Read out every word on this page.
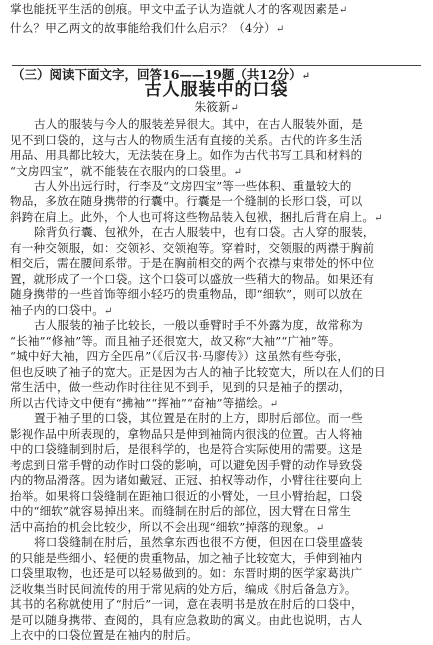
掌也能抚平生活的创痕。甲文中孟子认为造就人才的客观因素是↵
什么？甲乙两文的故事能给我们什么启示？（4分）↵
（三）阅读下面文字，回答16——19题（共12分）↵
古人服装中的口袋
朱筱新↵
古人的服装与今人的服装差异很大。其中，在古人服装外面，是
见不到口袋的，这与古人的物质生活有直接的关系。古代的许多生活
用品、用具都比较大，无法装在身上。如作为古代书写工具和材料的
“文房四宝”，就不能装在衣服内的口袋里。↵
古人外出远行时，行李及“文房四宝”等一些体积、重量较大的
物品，多放在随身携带的行囊中。行囊是一个缝制的长形口袋，可以
斜跨在肩上。此外，个人也可将这些物品装入包袱，捆扎后背在肩上。↵
除背负行囊、包袱外，在古人服装中，也有口袋。古人穿的服装，
有一种交领服，如：交领衫、交领袍等。穿着时，交领服的两襟于胸前
相交后，需在腰间系带。于是在胸前相交的两个衣襟与束带处的怀中位
置，就形成了一个口袋。这个口袋可以盛放一些稍大的物品。如果还有
随身携带的一些首饰等细小轻巧的贵重物品，即“细软”，则可以放在
袖子内的口袋中。↵
古人服装的袖子比较长，一般以垂臂时手不外露为度，故常称为
“长袖”“修袖”等。而且袖子还很宽大，故又称“大袖”“广袖”等。
“城中好大袖，四方全匹帛”（《后汉书·马廖传》）这虽然有些夸张，
但也反映了袖子的宽大。正是因为古人的袖子比较宽大，所以在人们的日
常生活中，做一些动作时往往见不到手，见到的只是袖子的摆动，
所以古代诗文中便有“拂袖”“挥袖”“奋袖”等描绘。↵
置于袖子里的口袋，其位置是在肘的上方，即肘后部位。而一些
影视作品中所表现的，拿物品只是伸到袖筒内很浅的位置。古人将袖
中的口袋缝制到肘后，是很科学的，也是符合实际使用的需要。这是
考虑到日常手臂的动作时口袋的影响，可以避免因手臂的动作导致袋
内的物品滑落。因为诸如戴冠、正冠、拍权等动作，小臂往往要向上
抬举。如果将口袋缝制在距袖口很近的小臂处，一旦小臂抬起，口袋
中的“细软”就容易掉出来。而缝制在肘后的部位，因大臂在日常生
活中高抬的机会比较少，所以不会出现“细软”掉落的现象。↵
将口袋缝制在肘后，虽然拿东西也很不方便，但因在口袋里盛装
的只能是些细小、轻便的贵重物品，加之袖子比较宽大，手伸到袖内
口袋里取物，也还是可以轻易做到的。如：东晋时期的医学家葛洪广
泛收集当时民间流传的用于常见病的处方后，编成《肘后备急方》。
其书的名称就使用了“肘后”一词，意在表明书是放在肘后的口袋中，
是可以随身携带、查阅的，具有应急救助的寓义。由此也说明，古人
上衣中的口袋位置是在袖内的肘后。
